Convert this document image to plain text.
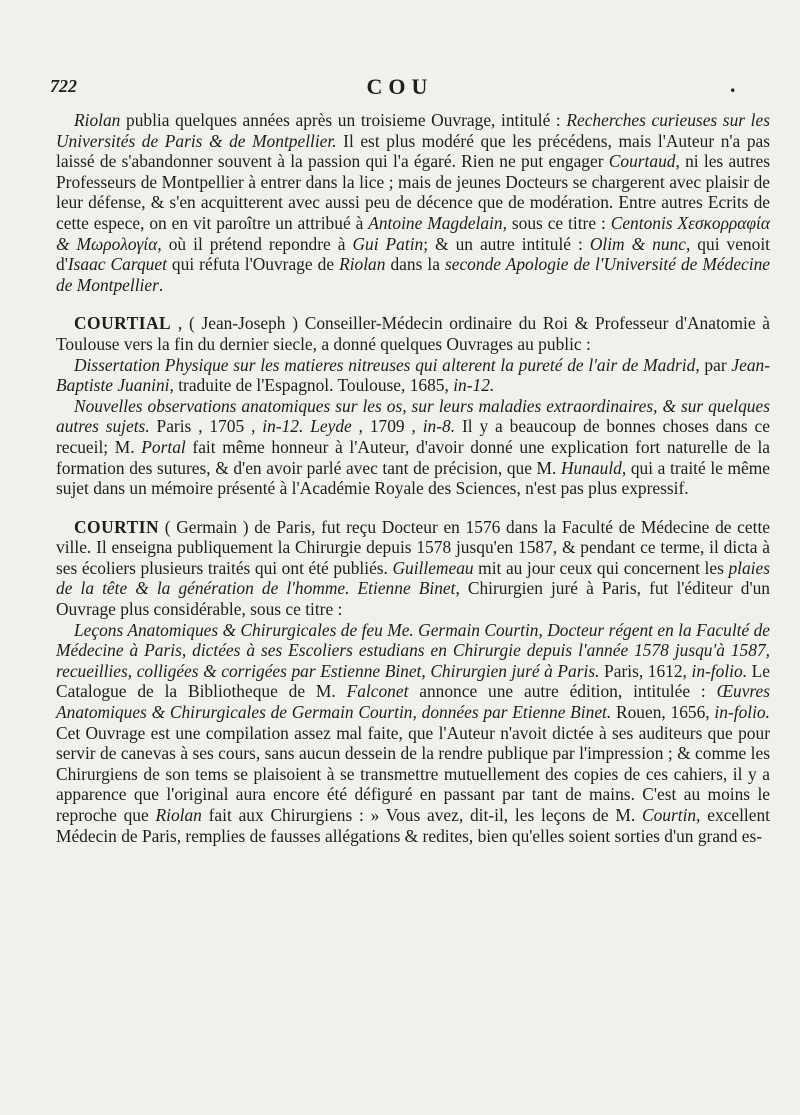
722	COU	.

Riolan publia quelques années après un troisieme Ouvrage, intitulé : Recherches curieuses sur les Universités de Paris & de Montpellier. Il est plus modéré que les précédens, mais l'Auteur n'a pas laissé de s'abandonner souvent à la passion qui l'a égaré. Rien ne put engager Courtaud, ni les autres Professeurs de Montpellier à entrer dans la lice ; mais de jeunes Docteurs se chargerent avec plaisir de leur défense, & s'en acquitterent avec aussi peu de décence que de modération. Entre autres Ecrits de cette espece, on en vit paroître un attribué à Antoine Magdelain, sous ce titre : Centonis Χεσκορραφία & Μωρολογία, où il prétend repondre à Gui Patin; & un autre intitulé : Olim & nunc, qui venoit d'Isaac Carquet qui réfuta l'Ouvrage de Riolan dans la seconde Apologie de l'Université de Médecine de Montpellier.

COURTIAL , ( Jean-Joseph ) Conseiller-Médecin ordinaire du Roi & Professeur d'Anatomie à Toulouse vers la fin du dernier siecle, a donné quelques Ouvrages au public :

Dissertation Physique sur les matieres nitreuses qui alterent la pureté de l'air de Madrid, par Jean-Baptiste Juanini, traduite de l'Espagnol. Toulouse, 1685, in-12.

Nouvelles observations anatomiques sur les os, sur leurs maladies extraordinaires, & sur quelques autres sujets. Paris , 1705 , in-12. Leyde , 1709 , in-8. Il y a beaucoup de bonnes choses dans ce recueil; M. Portal fait même honneur à l'Auteur, d'avoir donné une explication fort naturelle de la formation des sutures, & d'en avoir parlé avec tant de précision, que M. Hunauld, qui a traité le même sujet dans un mémoire présenté à l'Académie Royale des Sciences, n'est pas plus expressif.

COURTIN ( Germain ) de Paris, fut reçu Docteur en 1576 dans la Faculté de Médecine de cette ville. Il enseigna publiquement la Chirurgie depuis 1578 jusqu'en 1587, & pendant ce terme, il dicta à ses écoliers plusieurs traités qui ont été publiés. Guillemeau mit au jour ceux qui concernent les plaies de la tête & la génération de l'homme. Etienne Binet, Chirurgien juré à Paris, fut l'éditeur d'un Ouvrage plus considérable, sous ce titre :

Leçons Anatomiques & Chirurgicales de feu Me. Germain Courtin, Docteur régent en la Faculté de Médecine à Paris, dictées à ses Escoliers estudians en Chirurgie depuis l'année 1578 jusqu'à 1587, recueillies, colligées & corrigées par Estienne Binet, Chirurgien juré à Paris. Paris, 1612, in-folio. Le Catalogue de la Bibliotheque de M. Falconet annonce une autre édition, intitulée : Œuvres Anatomiques & Chirurgicales de Germain Courtin, données par Etienne Binet. Rouen, 1656, in-folio. Cet Ouvrage est une compilation assez mal faite, que l'Auteur n'avoit dictée à ses auditeurs que pour servir de canevas à ses cours, sans aucun dessein de la rendre publique par l'impression ; & comme les Chirurgiens de son tems se plaisoient à se transmettre mutuellement des copies de ces cahiers, il y a apparence que l'original aura encore été défiguré en passant par tant de mains. C'est au moins le reproche que Riolan fait aux Chirurgiens : » Vous avez, dit-il, les leçons de M. Courtin, excellent Médecin de Paris, remplies de fausses allégations & redites, bien qu'elles soient sorties d'un grand es-
